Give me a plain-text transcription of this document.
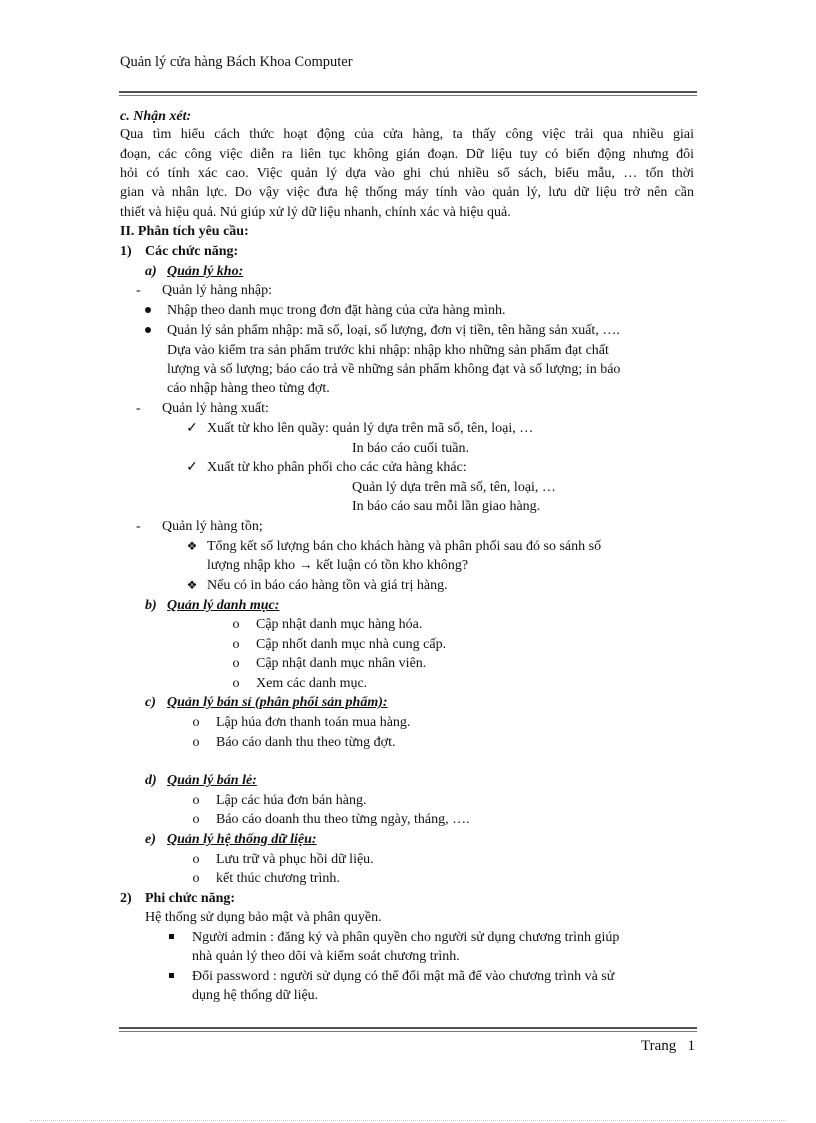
Quản lý cửa hàng Bách Khoa Computer
c. Nhận xét:
Qua tìm hiểu cách thức hoạt động của cửa hàng, ta thấy công việc trải qua nhiều giai
đoạn, các công việc diễn ra liên tục không gián đoạn. Dữ liệu tuy có biến động nhưng đôi
hỏi có tính xác cao. Việc quản lý dựa vào ghi chú nhiều sổ sách, biểu mẫu, … tốn thời
gian và nhân lực. Do vậy việc đưa hệ thống máy tính vào quản lý, lưu dữ liệu trở nên cần
thiết và hiệu quả. Nú giúp xử lý dữ liệu nhanh, chính xác và hiệu quả.
II. Phân tích yêu cầu:
1) Các chức năng:
a) Quản lý kho:
- Quản lý hàng nhập:
Nhập theo danh mục trong đơn đặt hàng của cửa hàng mình.
Quản lý sản phẩm nhập: mã số, loại, số lượng, đơn vị tiền, tên hãng sản xuất, ….
Dựa vào kiểm tra sản phẩm trước khi nhập: nhập kho những sản phẩm đạt chất
lượng và số lượng; báo cáo trả về những sản phẩm không đạt và số lượng; in báo
cáo nhập hàng theo từng đợt.
- Quản lý hàng xuất:
✓ Xuất từ kho lên quầy: quản lý dựa trên mã số, tên, loại, …
In báo cáo cuối tuần.
✓ Xuất từ kho phân phối cho các cửa hàng khác:
Quản lý dựa trên mã số, tên, loại, …
In báo cáo sau mỗi lần giao hàng.
- Quản lý hàng tồn;
❖ Tổng kết số lượng bán cho khách hàng và phân phối sau đó so sánh số
lượng nhập kho → kết luận có tồn kho không?
❖ Nếu có in báo cáo hàng tồn và giá trị hàng.
b) Quản lý danh mục:
o	Cập nhật danh mục hàng hóa.
o	Cập nhốt danh mục nhà cung cấp.
o	Cập nhật danh mục nhân viên.
o	Xem các danh mục.
c) Quản lý bán sỉ (phân phối sản phẩm):
o	Lập húa đơn thanh toán mua hàng.
o	Báo cáo danh thu theo từng đợt.
d) Quản lý bán lẻ:
o	Lập các húa đơn bán hàng.
o	Báo cáo doanh thu theo từng ngày, tháng, ….
e) Quản lý hệ thống dữ liệu:
o	Lưu trữ và phục hồi dữ liệu.
o	kết thúc chương trình.
2) Phi chức năng:
Hệ thống sử dụng bảo mật và phân quyền.
Người admin : đăng ký và phân quyền cho người sử dụng chương trình giúp
nhà quản lý theo dõi và kiểm soát chương trình.
Đổi password : người sử dụng có thể đổi mật mã để vào chương trình và sử
dụng hệ thống dữ liệu.
Trang 1
